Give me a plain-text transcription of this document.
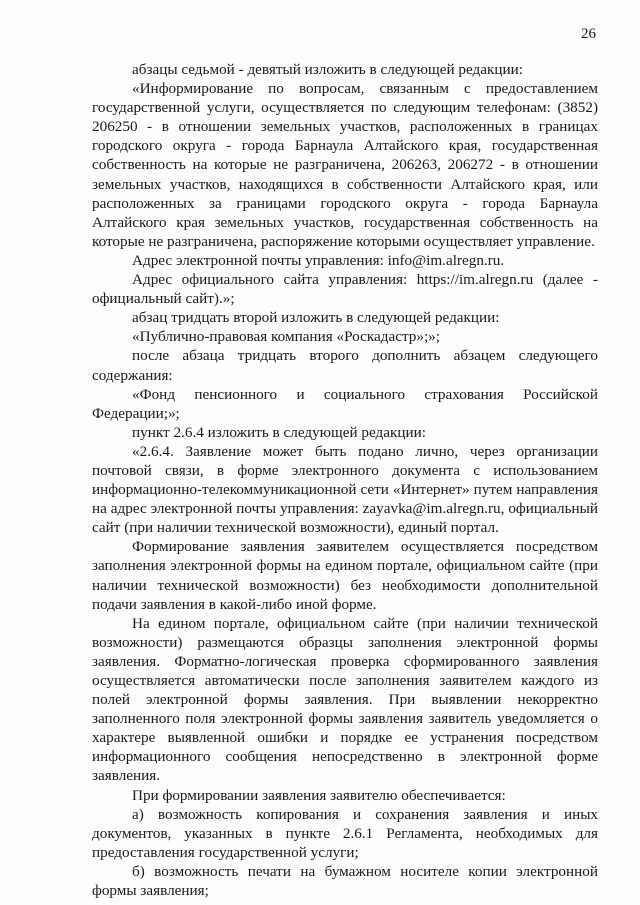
26

абзацы седьмой - девятый изложить в следующей редакции:

«Информирование по вопросам, связанным с предоставлением государственной услуги, осуществляется по следующим телефонам: (3852) 206250 - в отношении земельных участков, расположенных в границах городского округа - города Барнаула Алтайского края, государственная собственность на которые не разграничена, 206263, 206272 - в отношении земельных участков, находящихся в собственности Алтайского края, или расположенных за границами городского округа - города Барнаула Алтайского края земельных участков, государственная собственность на которые не разграничена, распоряжение которыми осуществляет управление.

Адрес электронной почты управления: info@im.alregn.ru.

Адрес официального сайта управления: https://im.alregn.ru (далее - официальный сайт).»;

абзац тридцать второй изложить в следующей редакции:

«Публично-правовая компания «Роскадастр»;»;

после абзаца тридцать второго дополнить абзацем следующего содержания:

«Фонд пенсионного и социального страхования Российской Федерации;»;

пункт 2.6.4 изложить в следующей редакции:

«2.6.4. Заявление может быть подано лично, через организации почтовой связи, в форме электронного документа с использованием информационно-телекоммуникационной сети «Интернет» путем направления на адрес электронной почты управления: zayavka@im.alregn.ru, официальный сайт (при наличии технической возможности), единый портал.

Формирование заявления заявителем осуществляется посредством заполнения электронной формы на едином портале, официальном сайте (при наличии технической возможности) без необходимости дополнительной подачи заявления в какой-либо иной форме.

На едином портале, официальном сайте (при наличии технической возможности) размещаются образцы заполнения электронной формы заявления. Форматно-логическая проверка сформированного заявления осуществляется автоматически после заполнения заявителем каждого из полей электронной формы заявления. При выявлении некорректно заполненного поля электронной формы заявления заявитель уведомляется о характере выявленной ошибки и порядке ее устранения посредством информационного сообщения непосредственно в электронной форме заявления.

При формировании заявления заявителю обеспечивается:

а) возможность копирования и сохранения заявления и иных документов, указанных в пункте 2.6.1 Регламента, необходимых для предоставления государственной услуги;

б) возможность печати на бумажном носителе копии электронной формы заявления;
